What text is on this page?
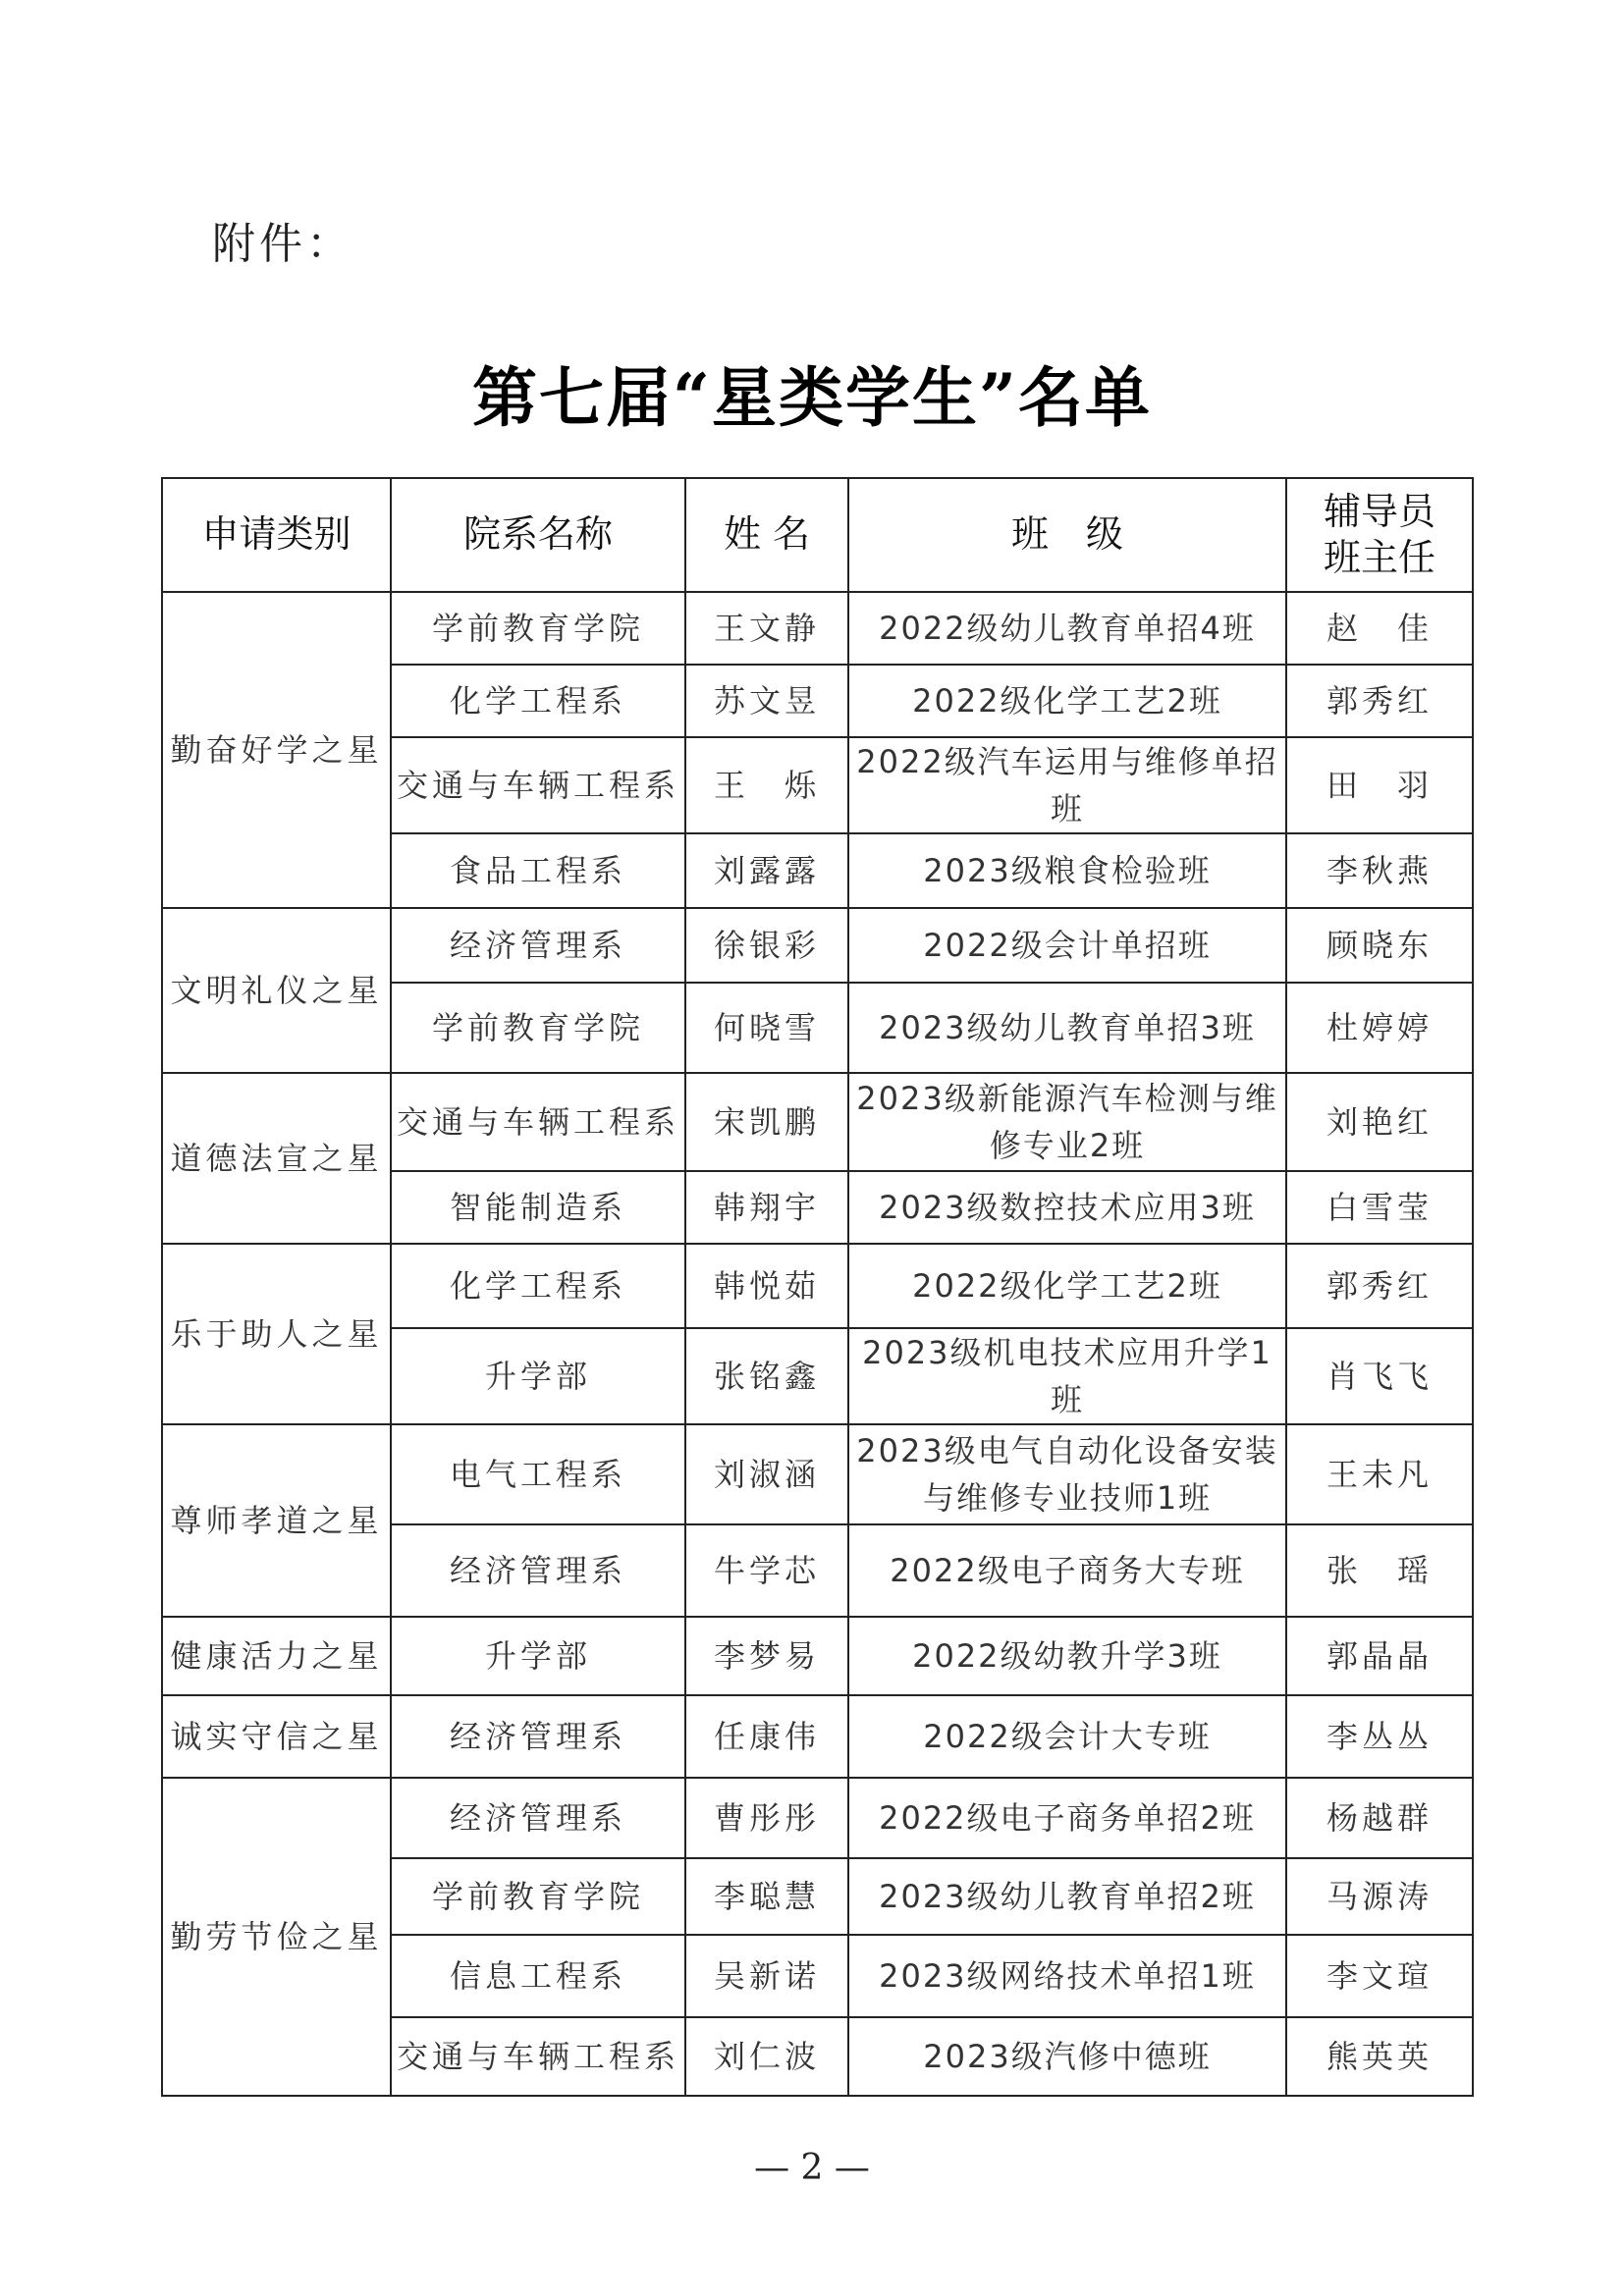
附件：
第七届“星类学生”名单
申请类别	院系名称	姓 名	班　级	辅导员
班主任

勤奋好学之星	学前教育学院	王文静	2022级幼儿教育单招4班	赵　佳
	化学工程系	苏文昱	2022级化学工艺2班	郭秀红
	交通与车辆工程系	王　烁	2022级汽车运用与维修单招班	田　羽
	食品工程系	刘露露	2023级粮食检验班	李秋燕
文明礼仪之星	经济管理系	徐银彩	2022级会计单招班	顾晓东
	学前教育学院	何晓雪	2023级幼儿教育单招3班	杜婷婷
道德法宣之星	交通与车辆工程系	宋凯鹏	2023级新能源汽车检测与维修专业2班	刘艳红
	智能制造系	韩翔宇	2023级数控技术应用3班	白雪莹
乐于助人之星	化学工程系	韩悦茹	2022级化学工艺2班	郭秀红
	升学部	张铭鑫	2023级机电技术应用升学1班	肖飞飞
尊师孝道之星	电气工程系	刘淑涵	2023级电气自动化设备安装与维修专业技师1班	王未凡
	经济管理系	牛学芯	2022级电子商务大专班	张　瑶
健康活力之星	升学部	李梦易	2022级幼教升学3班	郭晶晶
诚实守信之星	经济管理系	任康伟	2022级会计大专班	李丛丛
勤劳节俭之星	经济管理系	曹彤彤	2022级电子商务单招2班	杨越群
	学前教育学院	李聪慧	2023级幼儿教育单招2班	马源涛
	信息工程系	吴新诺	2023级网络技术单招1班	李文瑄
	交通与车辆工程系	刘仁波	2023级汽修中德班	熊英英
— 2 —
